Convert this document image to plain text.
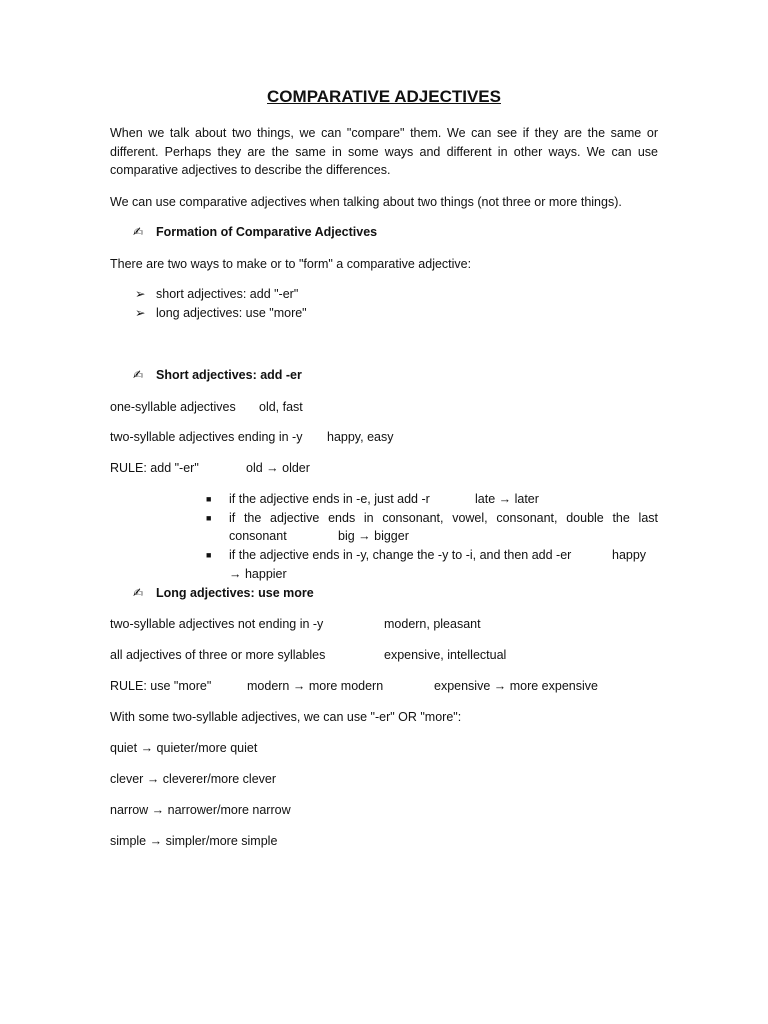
COMPARATIVE ADJECTIVES
When we talk about two things, we can "compare" them. We can see if they are the same or different. Perhaps they are the same in some ways and different in other ways. We can use comparative adjectives to describe the differences.
We can use comparative adjectives when talking about two things (not three or more things).
✍ Formation of Comparative Adjectives
There are two ways to make or to "form" a comparative adjective:
➢ short adjectives: add "-er"
➢ long adjectives: use "more"
✍ Short adjectives: add -er
one-syllable adjectives old, fast
two-syllable adjectives ending in -y happy, easy
RULE: add "-er"	old → older
■ if the adjective ends in -e, just add -r	late → later
■ if the adjective ends in consonant, vowel, consonant, double the last
consonant	big → bigger
■ if the adjective ends in -y, change the -y to -i, and then add -er	happy
→ happier
✍ Long adjectives: use more
two-syllable adjectives not ending in -y	modern, pleasant
all adjectives of three or more syllables	expensive, intellectual
RULE: use "more"	modern → more modern	expensive → more expensive
With some two-syllable adjectives, we can use "-er" OR "more":
quiet → quieter/more quiet
clever → cleverer/more clever
narrow → narrower/more narrow
simple → simpler/more simple
